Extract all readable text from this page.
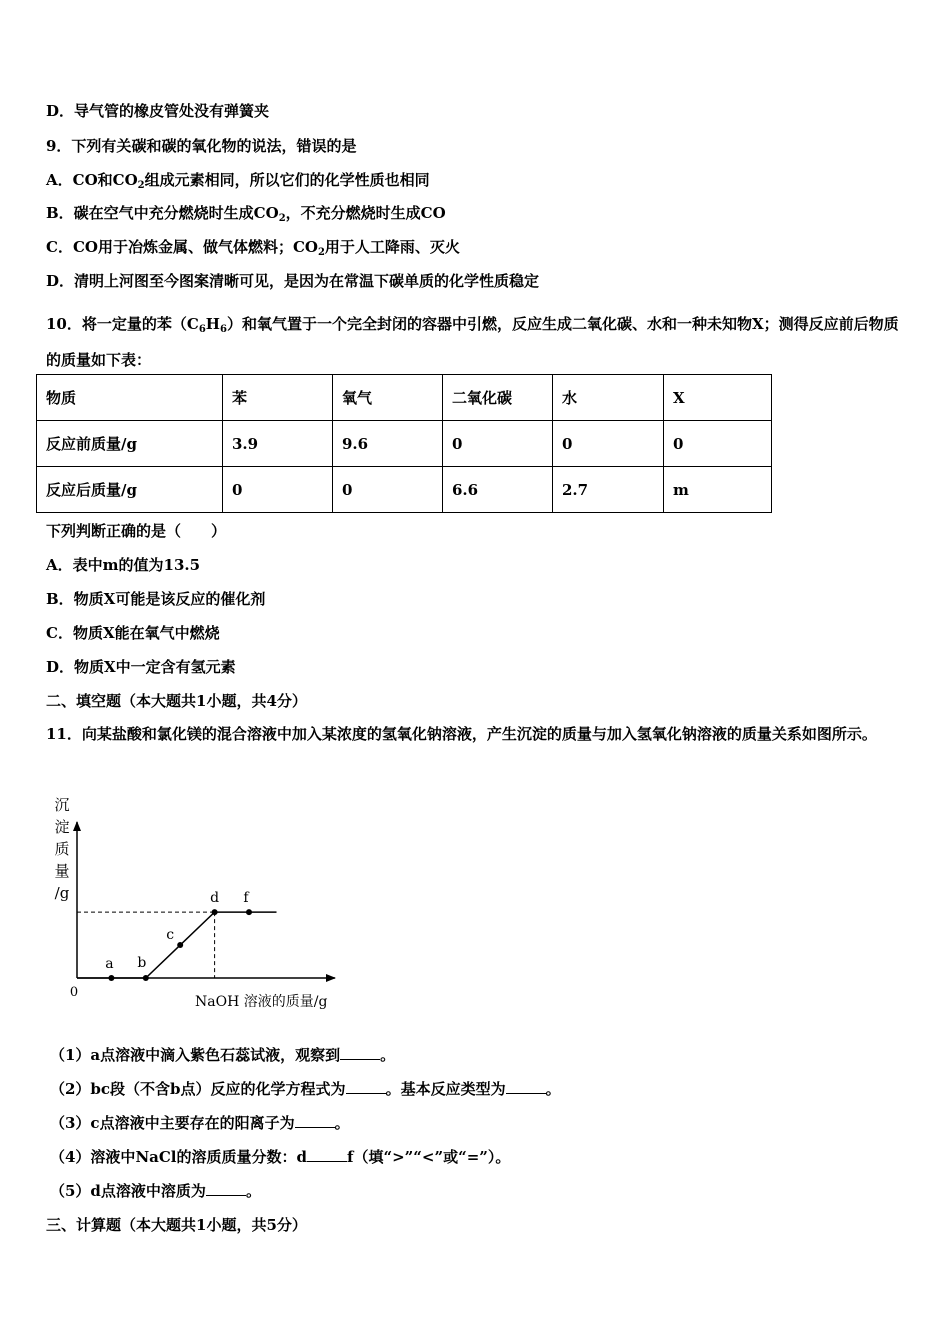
D．导气管的橡皮管处没有弹簧夹
9．下列有关碳和碳的氧化物的说法，错误的是
A．CO和$CO_2$组成元素相同，所以它们的化学性质也相同
B．碳在空气中充分燃烧时生成$CO_2$，不充分燃烧时生成CO
C．CO用于冶炼金属、做气体燃料；$CO_2$用于人工降雨、灭火
D．清明上河图至今图案清晰可见，是因为在常温下碳单质的化学性质稳定
10．将一定量的苯$(C_6H_6)$和氧气置于一个完全封闭的容器中引燃，反应生成二氧化碳、水和一种未知物X；测得反应前后物质的质量如下表：
物质	苯	氧气	二氧化碳	水	X
反应前质量/g	3.9	9.6	0	0	0
反应后质量/g	0	0	6.6	2.7	m
下列判断正确的是（　　）
A．表中m的值为13.5
B．物质X可能是该反应的催化剂
C．物质X能在氧气中燃烧
D．物质X中一定含有氢元素
二、填空题（本大题共1小题，共4分）
11．向某盐酸和氯化镁的混合溶液中加入某浓度的氢氧化钠溶液，产生沉淀的质量与加入氢氧化钠溶液的质量关系如图所示。
沉
淀
质
量
/g
0
NaOH 溶液的质量/g
a b
c
d f
（1）a点溶液中滴入紫色石蕊试液，观察到	。
（2）bc段（不含b点）反应的化学方程式为	。基本反应类型为	。
（3）c点溶液中主要存在的阳离子为	。
（4）溶液中NaCl的溶质质量分数：d	f（填“>”“<”或“=”）。
（5）d点溶液中溶质为	。
三、计算题（本大题共1小题，共5分）
